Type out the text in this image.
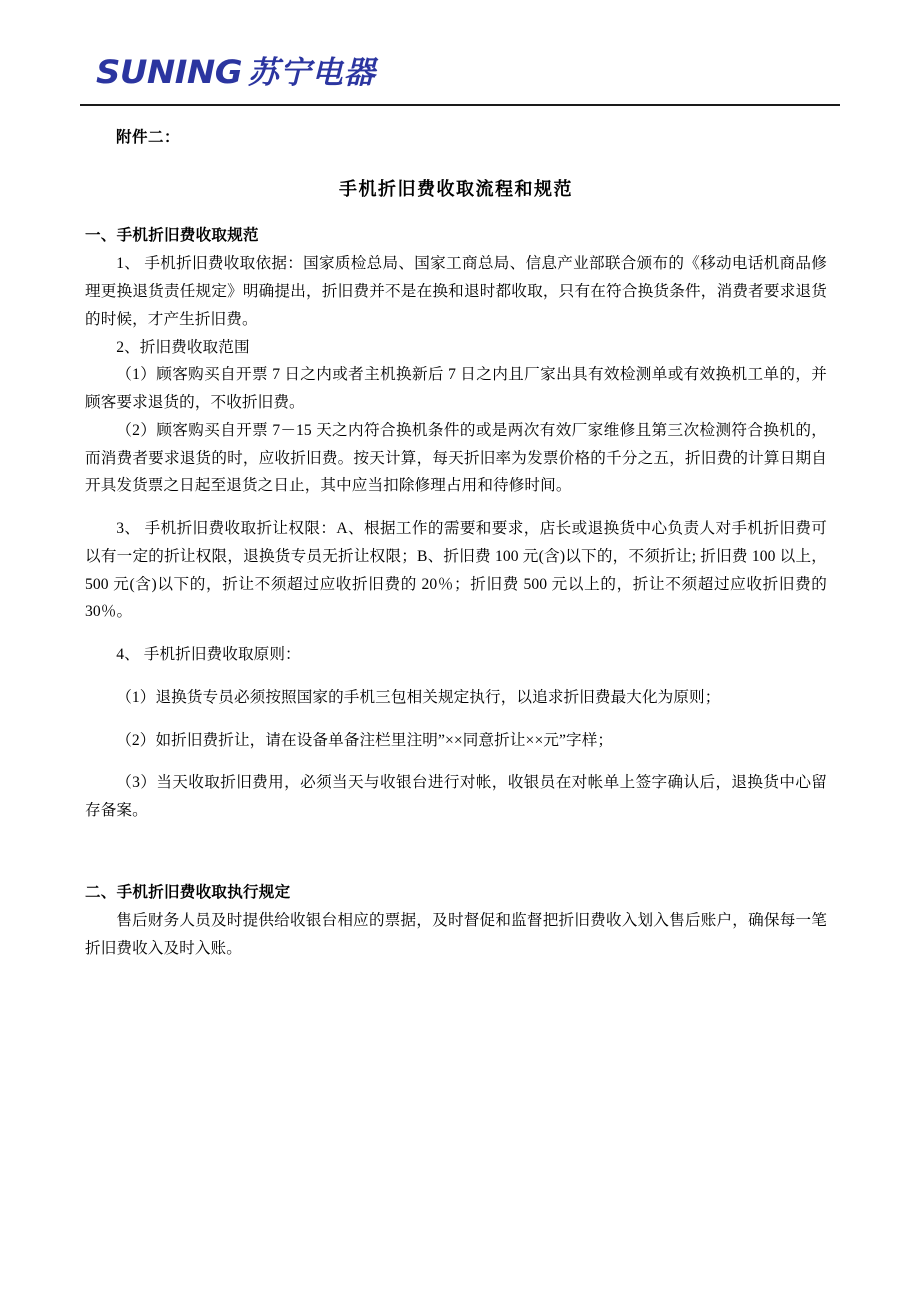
SUNING 苏宁电器
附件二：
手机折旧费收取流程和规范
一、手机折旧费收取规范

1、 手机折旧费收取依据：国家质检总局、国家工商总局、信息产业部联合颁布的《移动电话机商品修理更换退货责任规定》明确提出，折旧费并不是在换和退时都收取，只有在符合换货条件，消费者要求退货的时候，才产生折旧费。

2、折旧费收取范围

（1）顾客购买自开票 7 日之内或者主机换新后 7 日之内且厂家出具有效检测单或有效换机工单的，并顾客要求退货的，不收折旧费。

（2）顾客购买自开票 7－15 天之内符合换机条件的或是两次有效厂家维修且第三次检测符合换机的，而消费者要求退货的时，应收折旧费。按天计算，每天折旧率为发票价格的千分之五，折旧费的计算日期自开具发货票之日起至退货之日止，其中应当扣除修理占用和待修时间。

3、 手机折旧费收取折让权限：A、根据工作的需要和要求，店长或退换货中心负责人对手机折旧费可以有一定的折让权限，退换货专员无折让权限；B、折旧费 100 元(含)以下的，不须折让; 折旧费 100 以上，500 元(含)以下的，折让不须超过应收折旧费的 20％；折旧费 500 元以上的，折让不须超过应收折旧费的 30％。

4、 手机折旧费收取原则：

（1）退换货专员必须按照国家的手机三包相关规定执行，以追求折旧费最大化为原则；

（2）如折旧费折让，请在设备单备注栏里注明”××同意折让××元”字样；

（3）当天收取折旧费用，必须当天与收银台进行对帐，收银员在对帐单上签字确认后，退换货中心留存备案。

二、手机折旧费收取执行规定

售后财务人员及时提供给收银台相应的票据，及时督促和监督把折旧费收入划入售后账户，确保每一笔折旧费收入及时入账。
